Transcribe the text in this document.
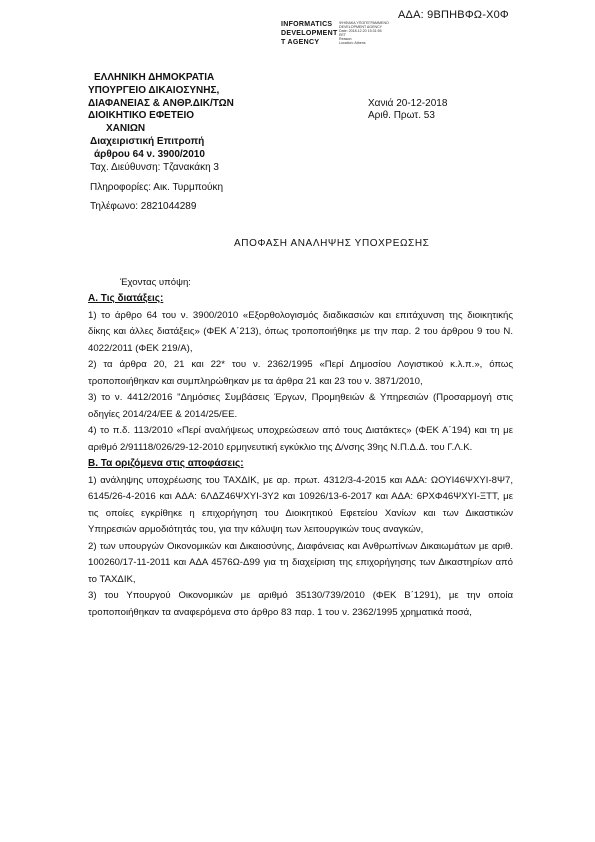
ΑΔΑ: 9ΒΠΗΒΦΩ-Χ0Φ
INFORMATICS
DEVELOPMENT
T AGENCY
ΨΗΦΙΑΚΑ ΥΠΟΓΕΓΡΑΜΜΕΝΟ
DEVELOPMENT AGENCY
Date: 2018.12.20 15:31:55
EET
Reason:
Location: Athens
ΕΛΛΗΝΙΚΗ ΔΗΜΟΚΡΑΤΙΑ
ΥΠΟΥΡΓΕΙΟ ΔΙΚΑΙΟΣΥΝΗΣ,
ΔΙΑΦΑΝΕΙΑΣ & ΑΝΘΡ.ΔΙΚ/ΤΩΝ
ΔΙΟΙΚΗΤΙΚΟ ΕΦΕΤΕΙΟ
ΧΑΝΙΩΝ
Διαχειριστική Επιτροπή
άρθρου 64 ν. 3900/2010
Ταχ. Διεύθυνση: Τζανακάκη 3
Πληροφορίες: Αικ. Τυρμπούκη
Τηλέφωνο: 2821044289
Χανιά 20-12-2018
Αριθ. Πρωτ. 53
ΑΠΟΦΑΣΗ ΑΝΑΛΗΨΗΣ ΥΠΟΧΡΕΩΣΗΣ
Έχοντας υπόψη:
Α. Τις διατάξεις:
1) το άρθρο 64 του ν. 3900/2010 «Εξορθολογισμός διαδικασιών και επιτάχυνση της διοικητικής δίκης και άλλες διατάξεις» (ΦΕΚ Α΄213), όπως τροποποιήθηκε με την παρ. 2 του άρθρου 9 του Ν. 4022/2011 (ΦΕΚ 219/Α),
2) τα άρθρα 20, 21 και 22* του ν. 2362/1995 «Περί Δημοσίου Λογιστικού κ.λ.π.», όπως τροποποιήθηκαν και συμπληρώθηκαν με τα άρθρα 21 και 23 του ν. 3871/2010,
3) το ν. 4412/2016 "Δημόσιες Συμβάσεις Έργων, Προμηθειών & Υπηρεσιών (Προσαρμογή στις οδηγίες 2014/24/ΕΕ & 2014/25/ΕΕ.
4) το π.δ. 113/2010 «Περί αναλήψεως υποχρεώσεων από τους Διατάκτες» (ΦΕΚ Α΄194) και τη με αριθμό 2/91118/026/29-12-2010 ερμηνευτική εγκύκλιο της Δ/νσης 39ης Ν.Π.Δ.Δ. του Γ.Λ.Κ.
Β. Τα οριζόμενα στις αποφάσεις:
1) ανάληψης υποχρέωσης του ΤΑΧΔΙΚ, με αρ. πρωτ. 4312/3-4-2015 και ΑΔΑ: ΩΟΥΙ46ΨΧΥΙ-8Ψ7, 6145/26-4-2016 και ΑΔΑ: 6ΛΔΖ46ΨΧΥΙ-3Υ2 και 10926/13-6-2017 και ΑΔΑ: 6ΡΧΦ46ΨΧΥΙ-ΞΤΤ, με τις οποίες εγκρίθηκε η επιχορήγηση του Διοικητικού Εφετείου Χανίων και των Δικαστικών Υπηρεσιών αρμοδιότητάς του, για την κάλυψη των λειτουργικών τους αναγκών,
2) των υπουργών Οικονομικών και Δικαιοσύνης, Διαφάνειας και Ανθρωπίνων Δικαιωμάτων με αριθ. 100260/17-11-2011 και ΑΔΑ 4576Ω-Δ99 για τη διαχείριση της επιχορήγησης των Δικαστηρίων από το ΤΑΧΔΙΚ,
3) του Υπουργού Οικονομικών με αριθμό 35130/739/2010 (ΦΕΚ Β΄1291), με την οποία τροποποιήθηκαν τα αναφερόμενα στο άρθρο 83 παρ. 1 του ν. 2362/1995 χρηματικά ποσά,
